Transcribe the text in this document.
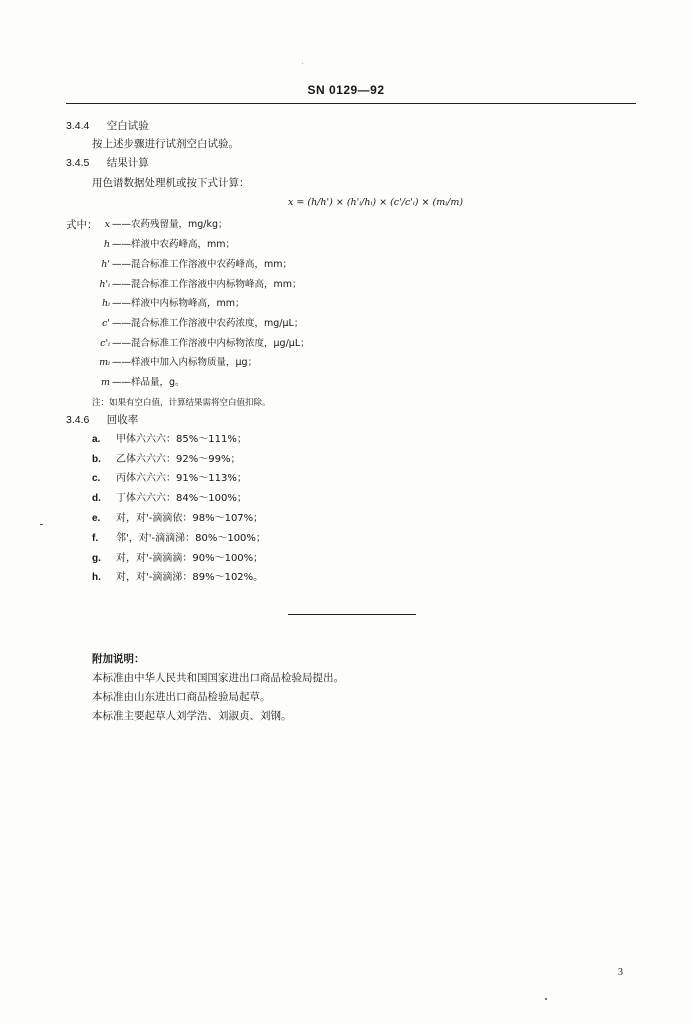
SN 0129—92
3.4.4 空白试验
按上述步骤进行试剂空白试验。
3.4.5 结果计算
用色谱数据处理机或按下式计算：
x = (h/h') × (h'ᵢ/hᵢ) × (c'/c'ᵢ) × (mᵢ/m)
式中： x ——农药残留量，mg/kg；
h ——样液中农药峰高，mm；
h' ——混合标准工作溶液中农药峰高，mm；
h'ᵢ ——混合标准工作溶液中内标物峰高，mm；
hᵢ ——样液中内标物峰高，mm；
c' ——混合标准工作溶液中农药浓度，mg/μL；
c'ᵢ ——混合标准工作溶液中内标物浓度，μg/μL；
mᵢ ——样液中加入内标物质量，μg；
m ——样品量，g。
注：如果有空白值，计算结果需将空白值扣除。
3.4.6 回收率
a. 甲体六六六：85%～111%；
b. 乙体六六六：92%～99%；
c. 丙体六六六：91%～113%；
d. 丁体六六六：84%～100%；
e. 对，对'-滴滴依：98%～107%；
f. 邻'，对'-滴滴涕：80%～100%；
g. 对，对'-滴滴滴：90%～100%；
h. 对，对'-滴滴涕：89%～102%。
附加说明：
本标准由中华人民共和国国家进出口商品检验局提出。
本标准由山东进出口商品检验局起草。
本标准主要起草人刘学浩、刘淑贞、刘钢。
3
